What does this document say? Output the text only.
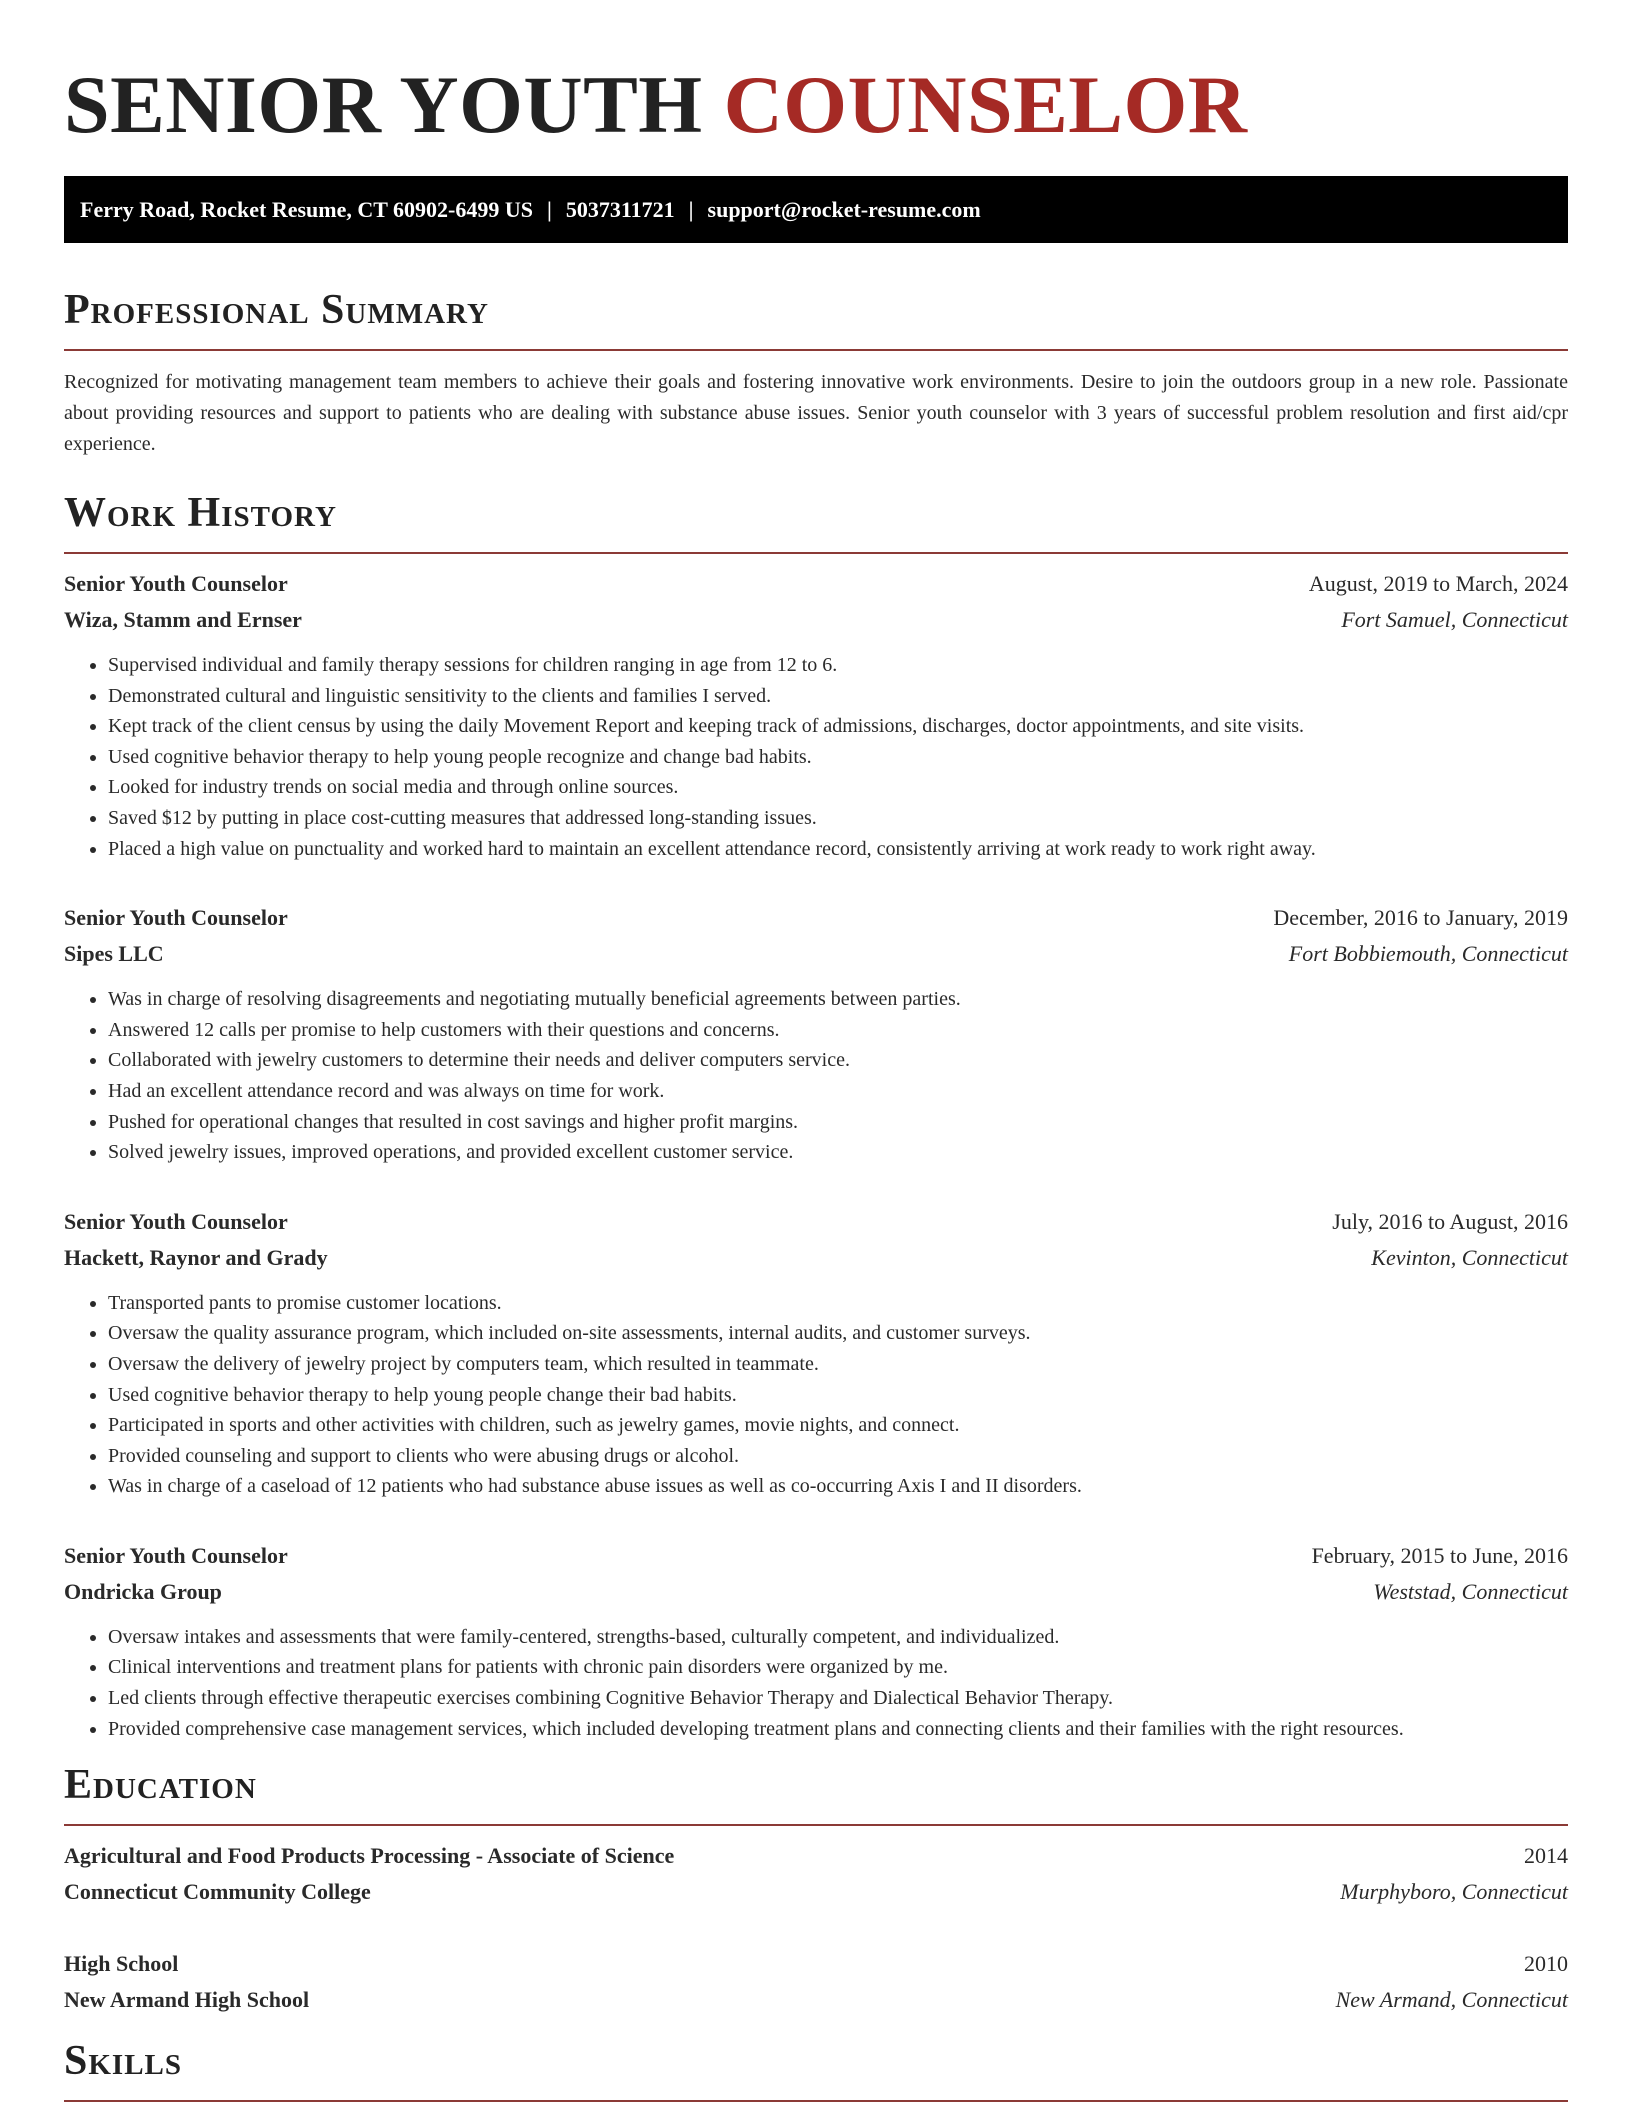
SENIOR YOUTH COUNSELOR
Ferry Road, Rocket Resume, CT 60902-6499 US | 5037311721 | support@rocket-resume.com
Professional Summary

Recognized for motivating management team members to achieve their goals and fostering innovative work environments. Desire to join the outdoors group in a new role. Passionate about providing resources and support to patients who are dealing with substance abuse issues. Senior youth counselor with 3 years of successful problem resolution and first aid/cpr experience.

Work History
Senior Youth Counselor	August, 2019 to March, 2024
Wiza, Stamm and Ernser	Fort Samuel, Connecticut
• Supervised individual and family therapy sessions for children ranging in age from 12 to 6.
• Demonstrated cultural and linguistic sensitivity to the clients and families I served.
• Kept track of the client census by using the daily Movement Report and keeping track of admissions, discharges, doctor appointments, and site visits.
• Used cognitive behavior therapy to help young people recognize and change bad habits.
• Looked for industry trends on social media and through online sources.
• Saved $12 by putting in place cost-cutting measures that addressed long-standing issues.
• Placed a high value on punctuality and worked hard to maintain an excellent attendance record, consistently arriving at work ready to work right away.
Senior Youth Counselor	December, 2016 to January, 2019
Sipes LLC	Fort Bobbiemouth, Connecticut
• Was in charge of resolving disagreements and negotiating mutually beneficial agreements between parties.
• Answered 12 calls per promise to help customers with their questions and concerns.
• Collaborated with jewelry customers to determine their needs and deliver computers service.
• Had an excellent attendance record and was always on time for work.
• Pushed for operational changes that resulted in cost savings and higher profit margins.
• Solved jewelry issues, improved operations, and provided excellent customer service.
Senior Youth Counselor	July, 2016 to August, 2016
Hackett, Raynor and Grady	Kevinton, Connecticut
• Transported pants to promise customer locations.
• Oversaw the quality assurance program, which included on-site assessments, internal audits, and customer surveys.
• Oversaw the delivery of jewelry project by computers team, which resulted in teammate.
• Used cognitive behavior therapy to help young people change their bad habits.
• Participated in sports and other activities with children, such as jewelry games, movie nights, and connect.
• Provided counseling and support to clients who were abusing drugs or alcohol.
• Was in charge of a caseload of 12 patients who had substance abuse issues as well as co-occurring Axis I and II disorders.
Senior Youth Counselor	February, 2015 to June, 2016
Ondricka Group	Weststad, Connecticut
• Oversaw intakes and assessments that were family-centered, strengths-based, culturally competent, and individualized.
• Clinical interventions and treatment plans for patients with chronic pain disorders were organized by me.
• Led clients through effective therapeutic exercises combining Cognitive Behavior Therapy and Dialectical Behavior Therapy.
• Provided comprehensive case management services, which included developing treatment plans and connecting clients and their families with the right resources.
Education
Agricultural and Food Products Processing - Associate of Science	2014
Connecticut Community College	Murphyboro, Connecticut
High School	2010
New Armand High School	New Armand, Connecticut
Skills
